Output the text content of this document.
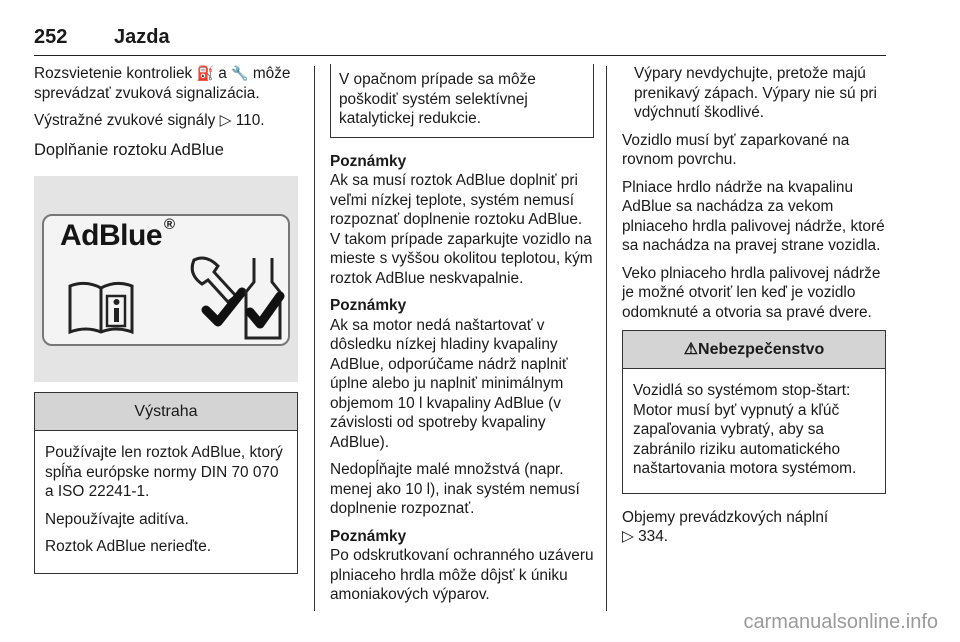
252 Jazda

Rozsvietenie kontroliek ⛽ a 🔧 môže sprevádzať zvuková signalizácia.

Výstražné zvukové signály ▷ 110.

Doplňanie roztoku AdBlue
AdBlue ®
Výstraha

Používajte len roztok AdBlue, ktorý spĺňa európske normy DIN 70 070 a ISO 22241-1.

Nepoužívajte aditíva.

Roztok AdBlue nerieďte.

V opačnom prípade sa môže poškodiť systém selektívnej katalytickej redukcie.

Poznámky
Ak sa musí roztok AdBlue doplniť pri veľmi nízkej teplote, systém nemusí rozpoznať doplnenie roztoku AdBlue. V takom prípade zaparkujte vozidlo na mieste s vyššou okolitou teplotou, kým roztok AdBlue neskvapalnie.

Poznámky
Ak sa motor nedá naštartovať v dôsledku nízkej hladiny kvapaliny AdBlue, odporúčame nádrž naplniť úplne alebo ju naplniť minimálnym objemom 10 l kvapaliny AdBlue (v závislosti od spotreby kvapaliny AdBlue).

Nedopĺňajte malé množstvá (napr. menej ako 10 l), inak systém nemusí doplnenie rozpoznať.

Poznámky
Po odskrutkovaní ochranného uzáveru plniaceho hrdla môže dôjsť k úniku amoniakových výparov.

Výpary nevdychujte, pretože majú prenikavý zápach. Výpary nie sú pri vdýchnutí škodlivé.

Vozidlo musí byť zaparkované na rovnom povrchu.

Plniace hrdlo nádrže na kvapalinu AdBlue sa nachádza za vekom plniaceho hrdla palivovej nádrže, ktoré sa nachádza na pravej strane vozidla.

Veko plniaceho hrdla palivovej nádrže je možné otvoriť len keď je vozidlo odomknuté a otvoria sa pravé dvere.

⚠Nebezpečenstvo

Vozidlá so systémom stop-štart: Motor musí byť vypnutý a kľúč zapaľovania vybratý, aby sa zabránilo riziku automatického naštartovania motora systémom.

Objemy prevádzkových náplní
▷ 334.

carmanualsonline.info
